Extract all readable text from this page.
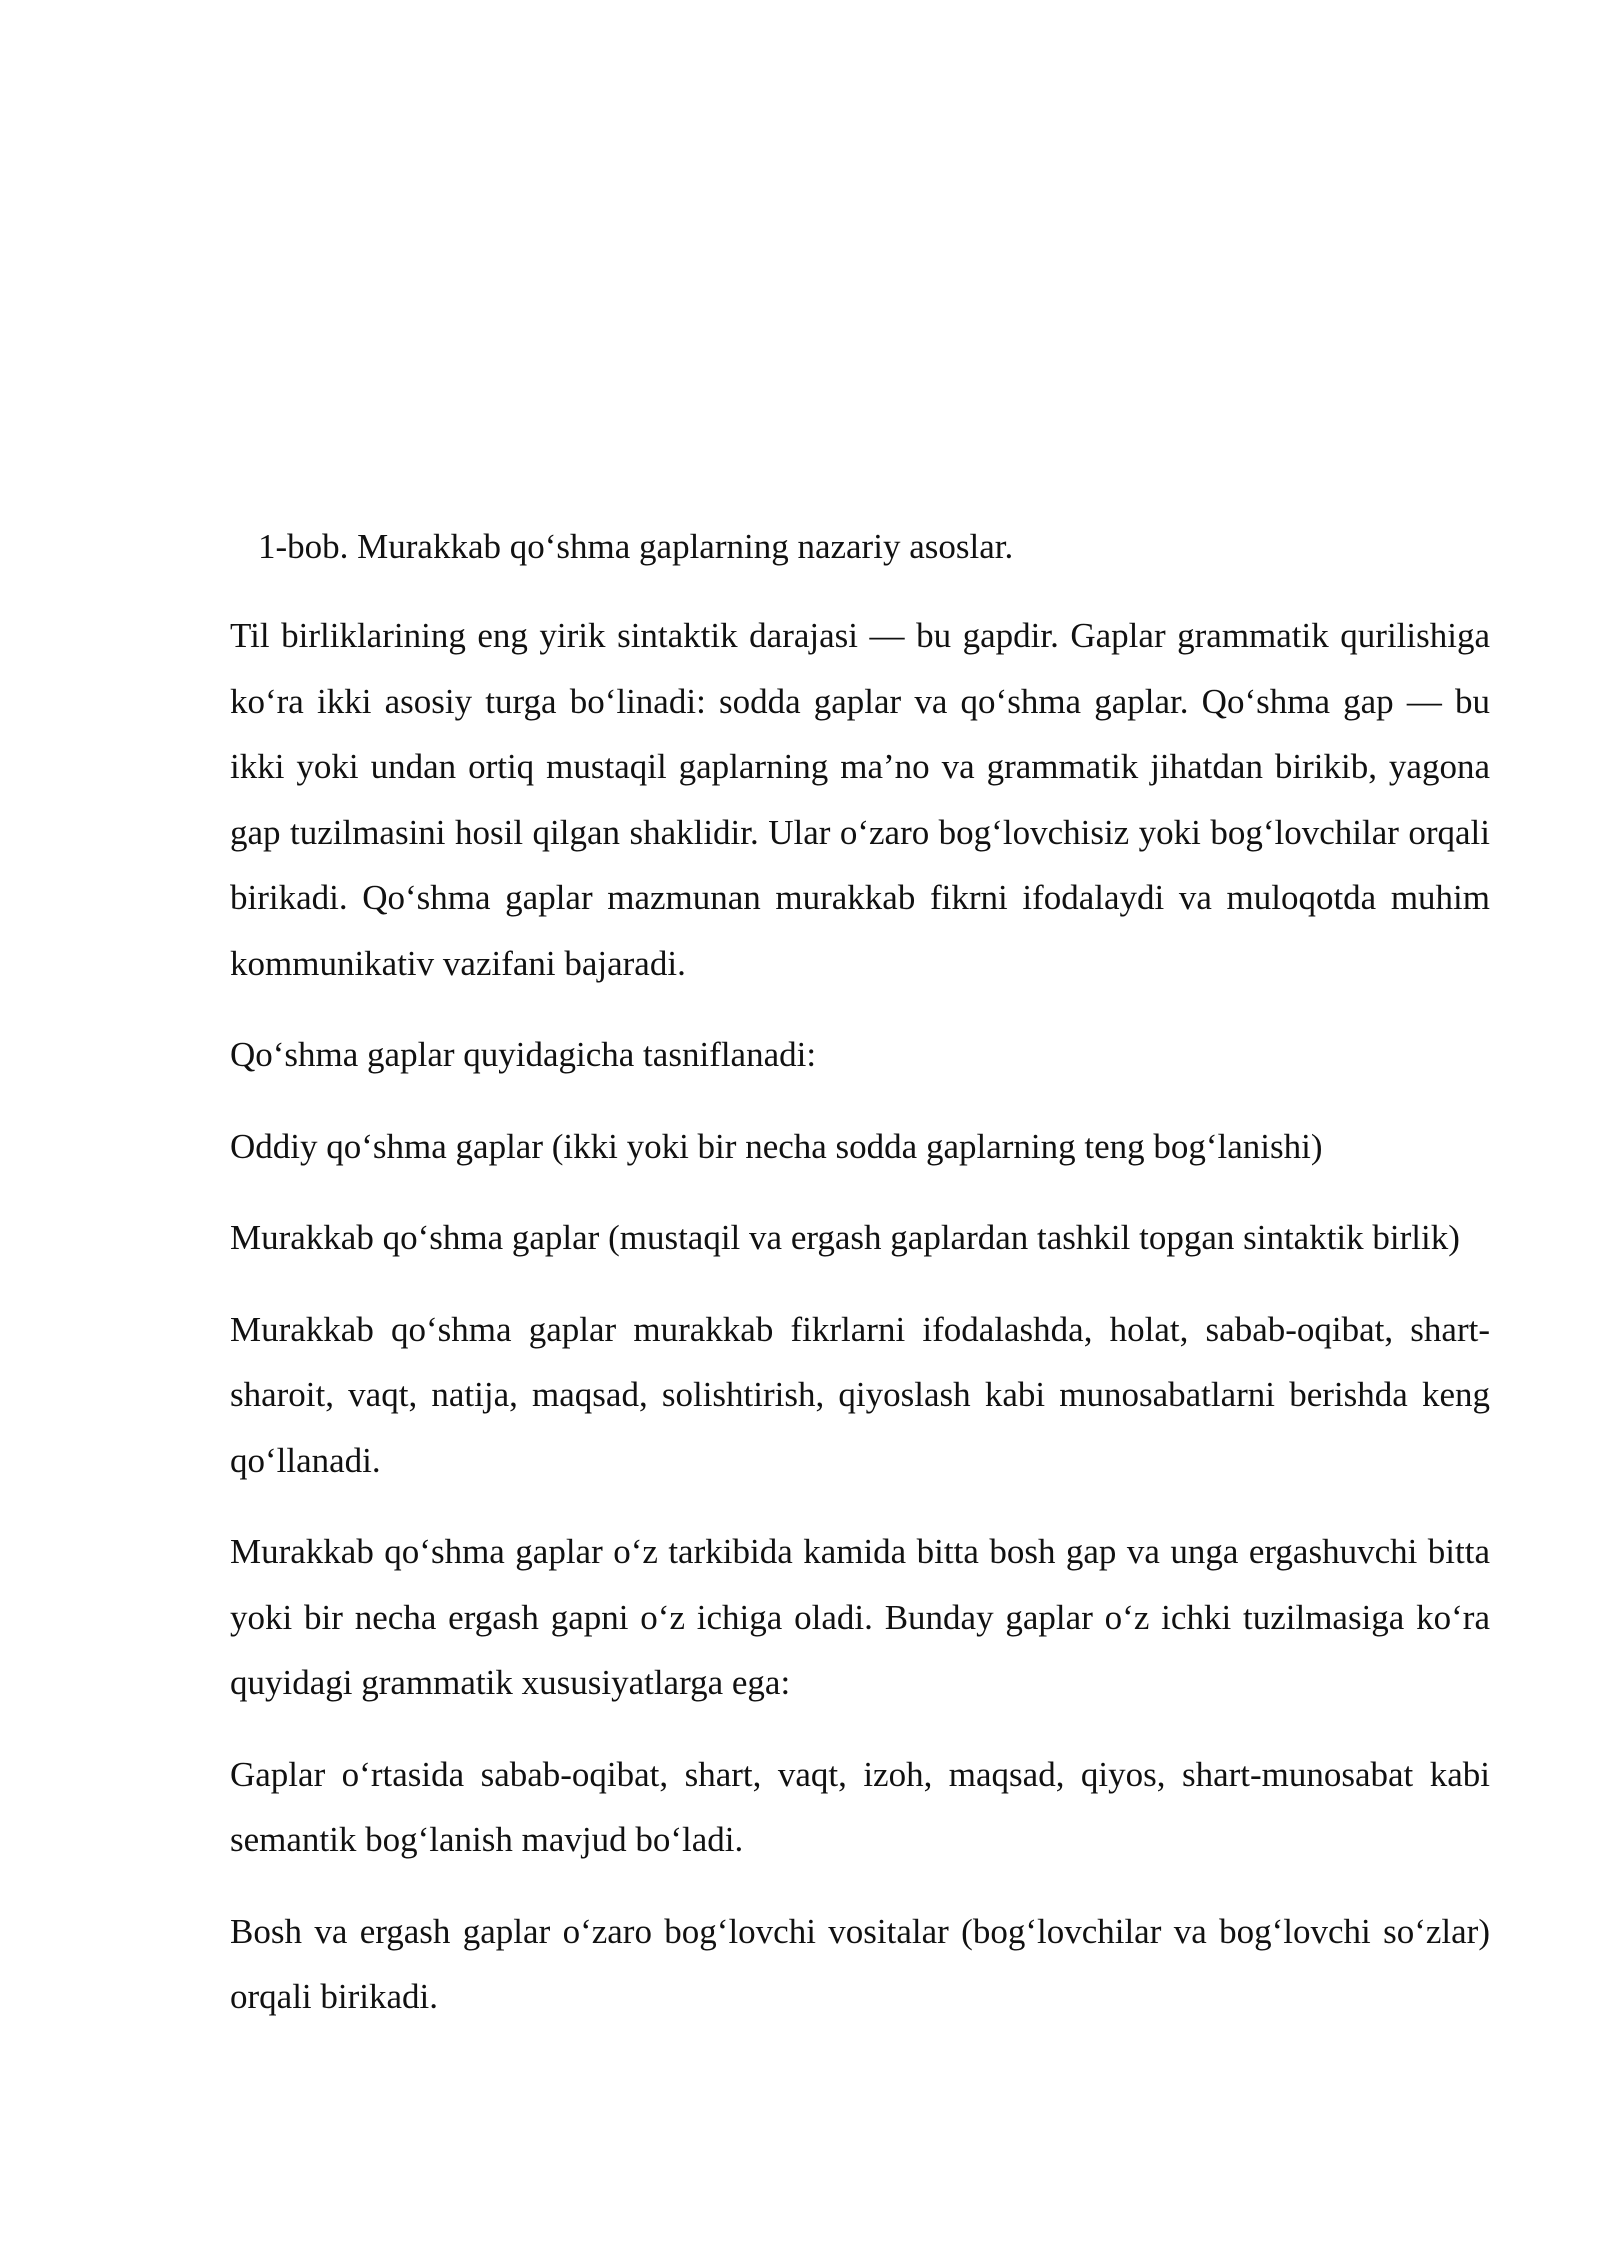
1-bob. Murakkab qo‘shma gaplarning nazariy asoslar.

Til birliklarining eng yirik sintaktik darajasi — bu gapdir. Gaplar grammatik qurilishiga ko‘ra ikki asosiy turga bo‘linadi: sodda gaplar va qo‘shma gaplar. Qo‘shma gap — bu ikki yoki undan ortiq mustaqil gaplarning ma’no va grammatik jihatdan birikib, yagona gap tuzilmasini hosil qilgan shaklidir. Ular o‘zaro bog‘lovchisiz yoki bog‘lovchilar orqali birikadi. Qo‘shma gaplar mazmunan murakkab fikrni ifodalaydi va muloqotda muhim kommunikativ vazifani bajaradi.

Qo‘shma gaplar quyidagicha tasniflanadi:

Oddiy qo‘shma gaplar (ikki yoki bir necha sodda gaplarning teng bog‘lanishi)

Murakkab qo‘shma gaplar (mustaqil va ergash gaplardan tashkil topgan sintaktik birlik)

Murakkab qo‘shma gaplar murakkab fikrlarni ifodalashda, holat, sabab-oqibat, shart-sharoit, vaqt, natija, maqsad, solishtirish, qiyoslash kabi munosabatlarni berishda keng qo‘llanadi.

Murakkab qo‘shma gaplar o‘z tarkibida kamida bitta bosh gap va unga ergashuvchi bitta yoki bir necha ergash gapni o‘z ichiga oladi. Bunday gaplar o‘z ichki tuzilmasiga ko‘ra quyidagi grammatik xususiyatlarga ega:

Gaplar o‘rtasida sabab-oqibat, shart, vaqt, izoh, maqsad, qiyos, shart-munosabat kabi semantik bog‘lanish mavjud bo‘ladi.

Bosh va ergash gaplar o‘zaro bog‘lovchi vositalar (bog‘lovchilar va bog‘lovchi so‘zlar) orqali birikadi.
